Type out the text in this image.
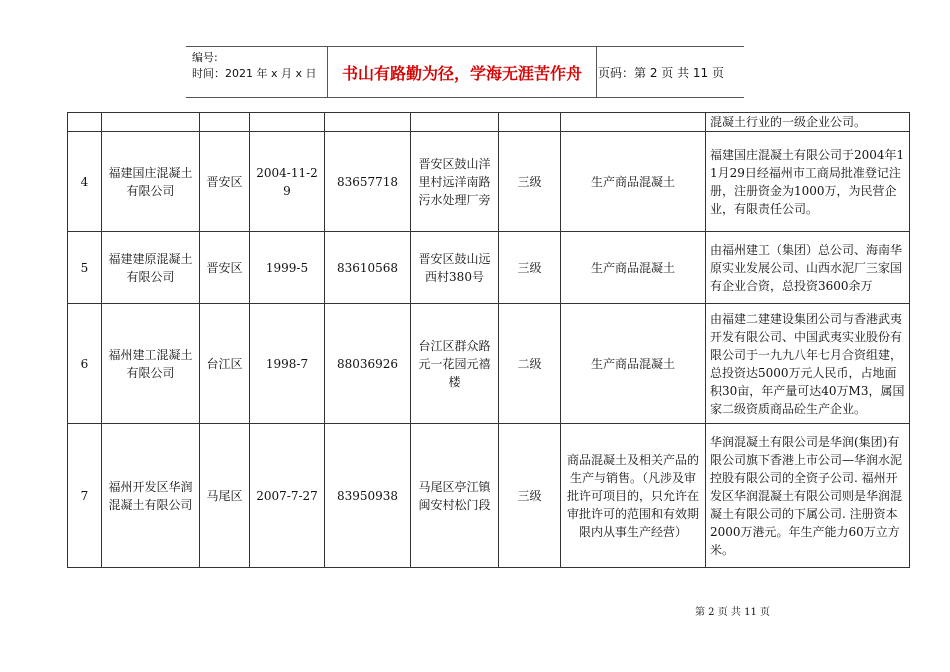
编号:
时间：2021 年 x 月 x 日	书山有路勤为径，学海无涯苦作舟	页码：第 2 页 共 11 页
								混凝土行业的一级企业公司。
4	福建国庄混凝土有限公司	晋安区	2004-11-29	83657718	晋安区鼓山洋里村远洋南路污水处理厂旁	三级	生产商品混凝土	福建国庄混凝土有限公司于2004年11月29日经福州市工商局批准登记注册，注册资金为1000万，为民营企业，有限责任公司。
5	福建建原混凝土有限公司	晋安区	1999-5	83610568	晋安区鼓山远西村380号	三级	生产商品混凝土	由福州建工（集团）总公司、海南华原实业发展公司、山西水泥厂三家国有企业合资，总投资3600余万
6	福州建工混凝土有限公司	台江区	1998-7	88036926	台江区群众路元一花园元禧楼	二级	生产商品混凝土	由福建二建建设集团公司与香港武夷开发有限公司、中国武夷实业股份有限公司于一九九八年七月合资组建，总投资达5000万元人民币，占地面积30亩，年产量可达40万M3，属国家二级资质商品砼生产企业。
7	福州开发区华润混凝土有限公司	马尾区	2007-7-27	83950938	马尾区亭江镇闽安村松门段	三级	商品混凝土及相关产品的生产与销售。（凡涉及审批许可项目的，只允许在审批许可的范围和有效期限内从事生产经营）	华润混凝土有限公司是华润(集团)有限公司旗下香港上市公司—华润水泥控股有限公司的全资子公司. 福州开发区华润混凝土有限公司则是华润混凝土有限公司的下属公司. 注册资本2000万港元。年生产能力60万立方米。
第 2 页 共 11 页
